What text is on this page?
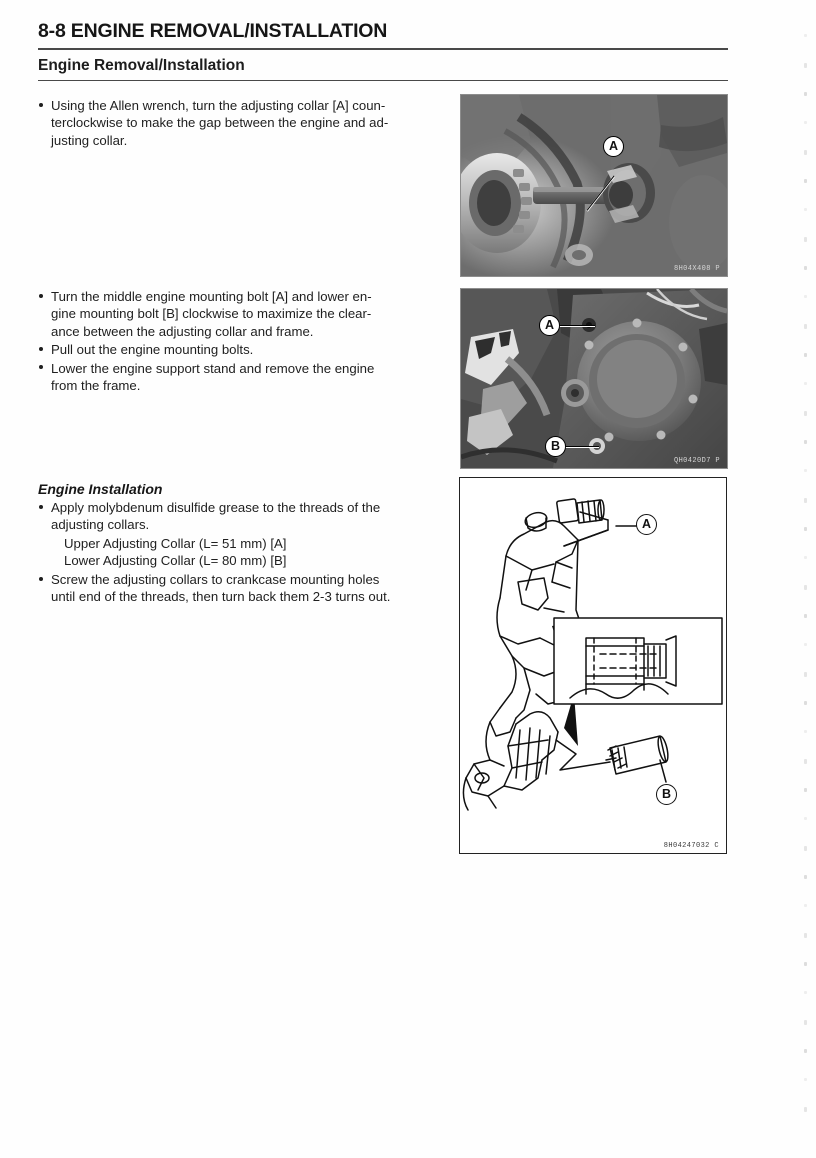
8-8 ENGINE REMOVAL/INSTALLATION
Engine Removal/Installation
Using the Allen wrench, turn the adjusting collar [A] coun-
terclockwise to make the gap between the engine and ad-
justing collar.
Turn the middle engine mounting bolt [A] and lower en-
gine mounting bolt [B] clockwise to maximize the clear-
ance between the adjusting collar and frame.
Pull out the engine mounting bolts.
Lower the engine support stand and remove the engine
from the frame.
Engine Installation
Apply molybdenum disulfide grease to the threads of the
adjusting collars.
Upper Adjusting Collar (L= 51 mm) [A]
Lower Adjusting Collar (L= 80 mm) [B]
Screw the adjusting collars to crankcase mounting holes
until end of the threads, then turn back them 2-3 turns out.
A
8H04X408 P
A
B
QH0420D7 P
A
B
8H04247032 C
